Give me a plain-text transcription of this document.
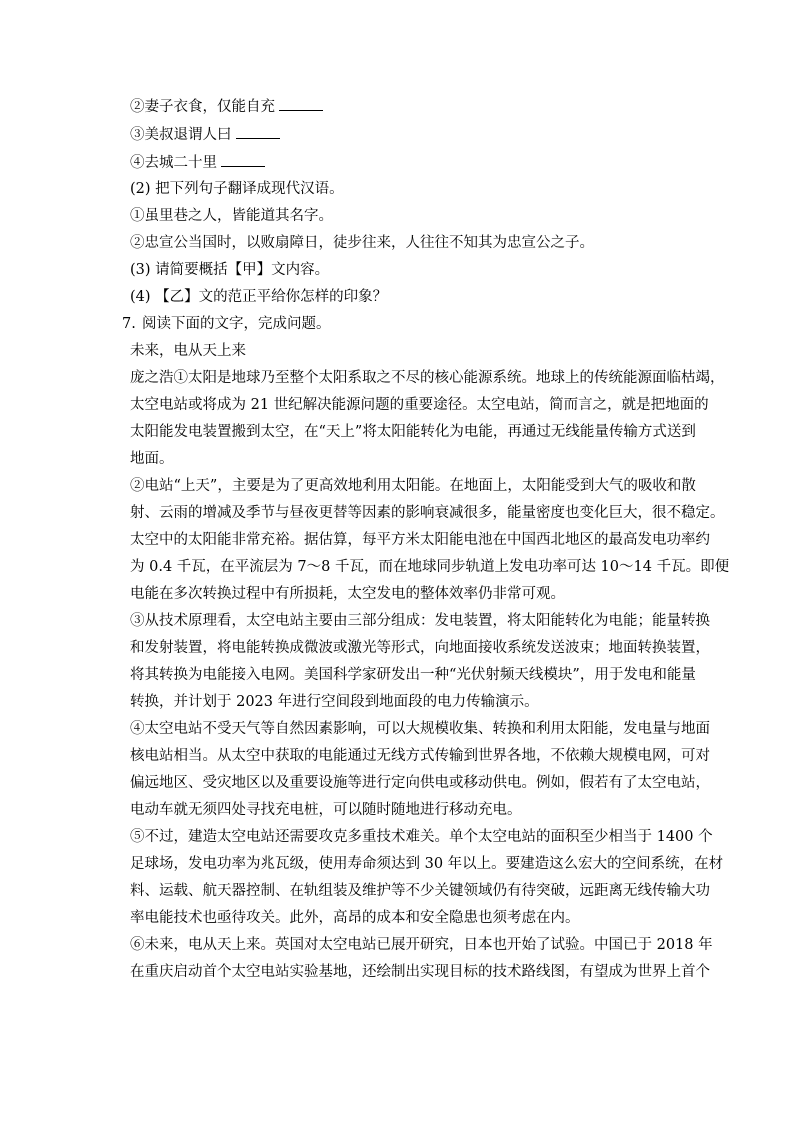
②妻子衣食，仅能自充
③美叔退谓人曰
④去城二十里
(2) 把下列句子翻译成现代汉语。
①虽里巷之人，皆能道其名字。
②忠宣公当国时，以败扇障日，徒步往来，人往往不知其为忠宣公之子。
(3) 请简要概括【甲】文内容。
(4) 【乙】文的范正平给你怎样的印象？
7. 阅读下面的文字，完成问题。
未来，电从天上来
庞之浩①太阳是地球乃至整个太阳系取之不尽的核心能源系统。地球上的传统能源面临枯竭，
太空电站或将成为 21 世纪解决能源问题的重要途径。太空电站，简而言之，就是把地面的
太阳能发电装置搬到太空，在“天上”将太阳能转化为电能，再通过无线能量传输方式送到
地面。
②电站“上天”，主要是为了更高效地利用太阳能。在地面上，太阳能受到大气的吸收和散
射、云雨的增减及季节与昼夜更替等因素的影响衰减很多，能量密度也变化巨大，很不稳定。
太空中的太阳能非常充裕。据估算，每平方米太阳能电池在中国西北地区的最高发电功率约
为 0.4 千瓦，在平流层为 7～8 千瓦，而在地球同步轨道上发电功率可达 10～14 千瓦。即便
电能在多次转换过程中有所损耗，太空发电的整体效率仍非常可观。
③从技术原理看，太空电站主要由三部分组成：发电装置，将太阳能转化为电能；能量转换
和发射装置，将电能转换成微波或激光等形式，向地面接收系统发送波束；地面转换装置，
将其转换为电能接入电网。美国科学家研发出一种“光伏射频天线模块”，用于发电和能量
转换，并计划于 2023 年进行空间段到地面段的电力传输演示。
④太空电站不受天气等自然因素影响，可以大规模收集、转换和利用太阳能，发电量与地面
核电站相当。从太空中获取的电能通过无线方式传输到世界各地，不依赖大规模电网，可对
偏远地区、受灾地区以及重要设施等进行定向供电或移动供电。例如，假若有了太空电站，
电动车就无须四处寻找充电桩，可以随时随地进行移动充电。
⑤不过，建造太空电站还需要攻克多重技术难关。单个太空电站的面积至少相当于 1400 个
足球场，发电功率为兆瓦级，使用寿命须达到 30 年以上。要建造这么宏大的空间系统，在材
料、运载、航天器控制、在轨组装及维护等不少关键领域仍有待突破，远距离无线传输大功
率电能技术也亟待攻关。此外，高昂的成本和安全隐患也须考虑在内。
⑥未来，电从天上来。英国对太空电站已展开研究，日本也开始了试验。中国已于 2018 年
在重庆启动首个太空电站实验基地，还绘制出实现目标的技术路线图，有望成为世界上首个
